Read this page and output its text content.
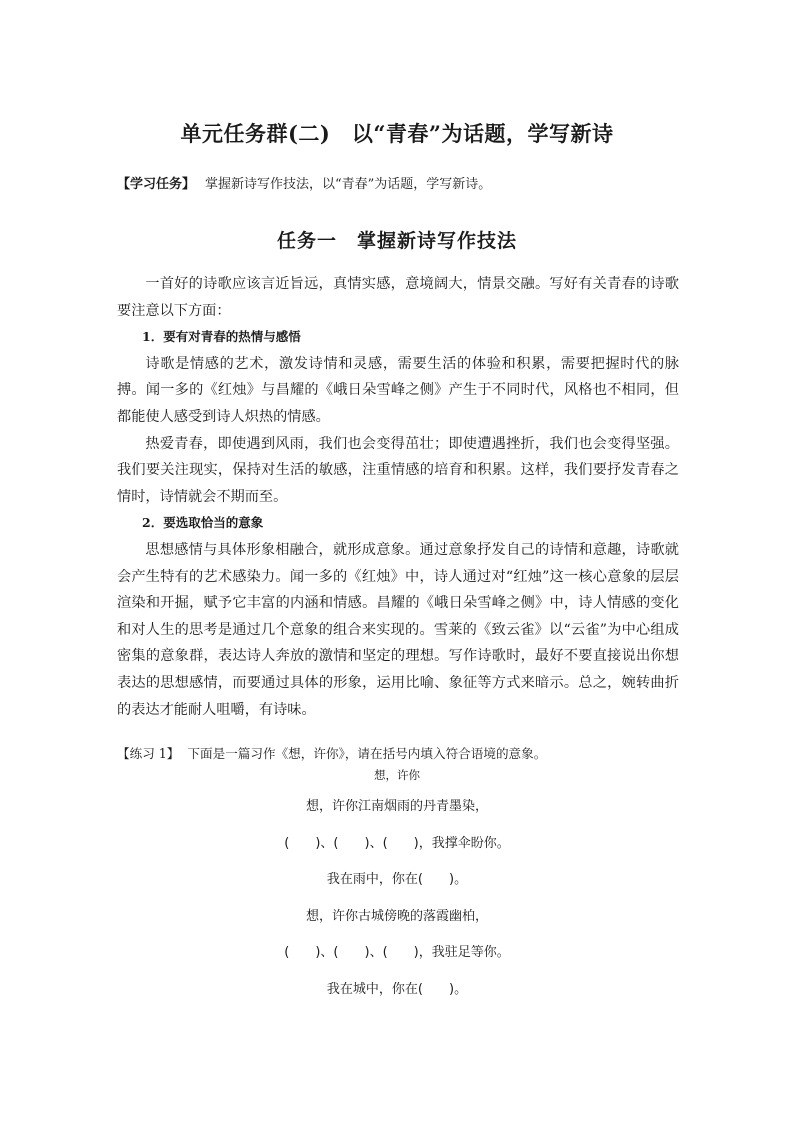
单元任务群(二)　以“青春”为话题，学写新诗
【学习任务】 掌握新诗写作技法，以“青春”为话题，学写新诗。
任务一　掌握新诗写作技法

一首好的诗歌应该言近旨远，真情实感，意境阔大，情景交融。写好有关青春的诗歌要注意以下方面：

1．要有对青春的热情与感悟

诗歌是情感的艺术，激发诗情和灵感，需要生活的体验和积累，需要把握时代的脉搏。闻一多的《红烛》与昌耀的《峨日朵雪峰之侧》产生于不同时代，风格也不相同，但都能使人感受到诗人炽热的情感。

热爱青春，即使遇到风雨，我们也会变得茁壮；即使遭遇挫折，我们也会变得坚强。我们要关注现实，保持对生活的敏感，注重情感的培育和积累。这样，我们要抒发青春之情时，诗情就会不期而至。

2．要选取恰当的意象

思想感情与具体形象相融合，就形成意象。通过意象抒发自己的诗情和意趣，诗歌就会产生特有的艺术感染力。闻一多的《红烛》中，诗人通过对“红烛”这一核心意象的层层渲染和开掘，赋予它丰富的内涵和情感。昌耀的《峨日朵雪峰之侧》中，诗人情感的变化和对人生的思考是通过几个意象的组合来实现的。雪莱的《致云雀》以“云雀”为中心组成密集的意象群，表达诗人奔放的激情和坚定的理想。写作诗歌时，最好不要直接说出你想表达的思想感情，而要通过具体的形象，运用比喻、象征等方式来暗示。总之，婉转曲折的表达才能耐人咀嚼，有诗味。

【练习 1】 下面是一篇习作《想，许你》，请在括号内填入符合语境的意象。
想，许你
想，许你江南烟雨的丹青墨染，
(　　)、(　　)、(　　)，我撑伞盼你。
我在雨中，你在(　　)。
想，许你古城傍晚的落霞幽柏，
(　　)、(　　)、(　　)，我驻足等你。
我在城中，你在(　　)。
